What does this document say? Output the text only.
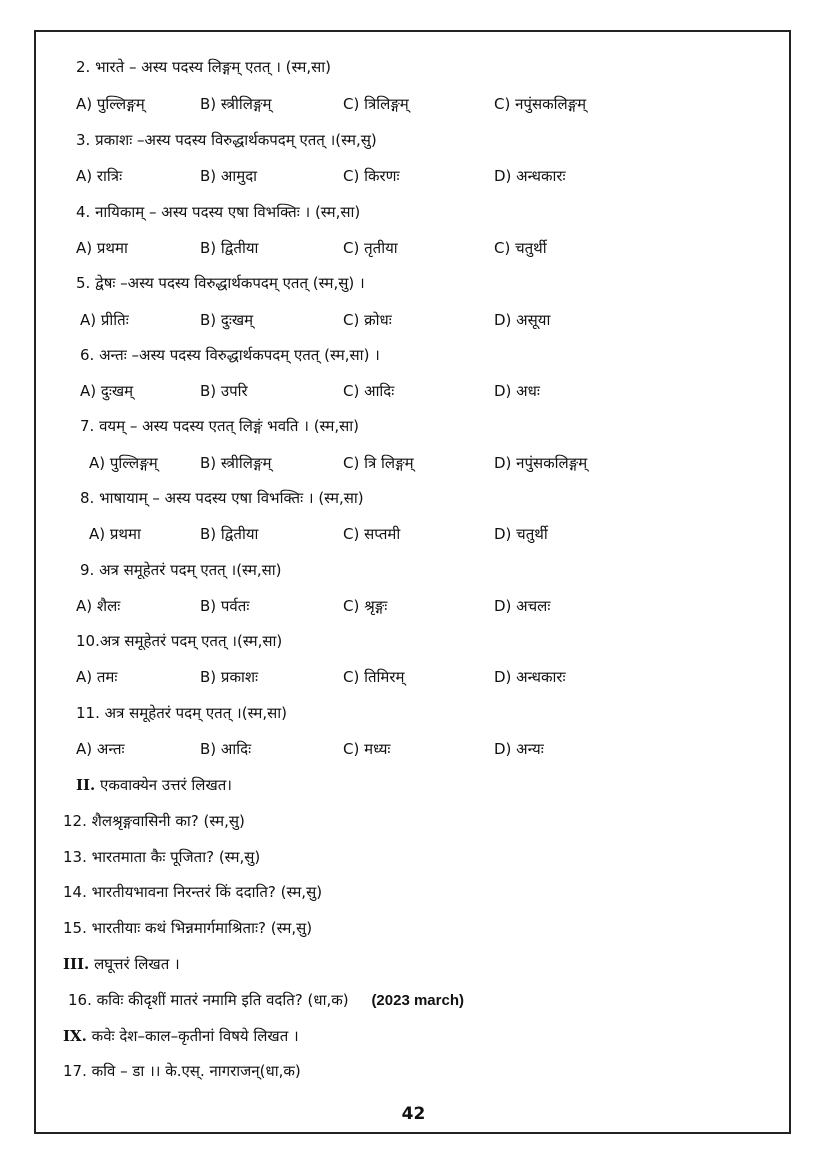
2. भारते – अस्य पदस्य लिङ्गम् एतत् । (स्म,सा)
A) पुल्लिङ्गम्	B) स्त्रीलिङ्गम्	C) त्रिलिङ्गम्	C) नपुंसकलिङ्गम्
3. प्रकाशः –अस्य पदस्य विरुद्धार्थकपदम् एतत् ।(स्म,सु)
A) रात्रिः	B) आमुदा	C) किरणः	D) अन्धकारः
4. नायिकाम् – अस्य पदस्य एषा विभक्तिः । (स्म,सा)
A) प्रथमा	B) द्वितीया	C) तृतीया	C) चतुर्थी
5. द्वेषः –अस्य पदस्य विरुद्धार्थकपदम् एतत् (स्म,सु) ।
A) प्रीतिः	B) दुःखम्	C) क्रोधः	D) असूया
6. अन्तः –अस्य पदस्य विरुद्धार्थकपदम् एतत् (स्म,सा) ।
A) दुःखम्	B) उपरि	C) आदिः	D) अधः
7. वयम् – अस्य पदस्य एतत् लिङ्गं भवति । (स्म,सा)
A) पुल्लिङ्गम्	B) स्त्रीलिङ्गम्	C) त्रि लिङ्गम्	D) नपुंसकलिङ्गम्
8. भाषायाम् – अस्य पदस्य एषा विभक्तिः । (स्म,सा)
A) प्रथमा	B) द्वितीया	C) सप्तमी	D) चतुर्थी
9. अत्र समूहेतरं पदम् एतत् ।(स्म,सा)
A) शैलः	B) पर्वतः	C) श्रृङ्गः	D) अचलः
10.अत्र समूहेतरं पदम् एतत् ।(स्म,सा)
A) तमः	B) प्रकाशः	C) तिमिरम्	D) अन्धकारः
11. अत्र समूहेतरं पदम् एतत् ।(स्म,सा)
A) अन्तः	B) आदिः	C) मध्यः	D) अन्यः
II. एकवाक्येन उत्तरं लिखत।
12. शैलश्रृङ्गवासिनी का? (स्म,सु)
13. भारतमाता कैः पूजिता? (स्म,सु)
14. भारतीयभावना निरन्तरं किं ददाति? (स्म,सु)
15. भारतीयाः कथं भिन्नमार्गमाश्रिताः? (स्म,सु)
III. लघूत्तरं लिखत ।
16. कविः कीदृशीं मातरं नमामि इति वदति? (धा,क) (2023 march)
IX. कवेः देश–काल–कृतीनां विषये लिखत ।
17. कवि – डा ।। के.एस्. नागराजन्(धा,क)
42
